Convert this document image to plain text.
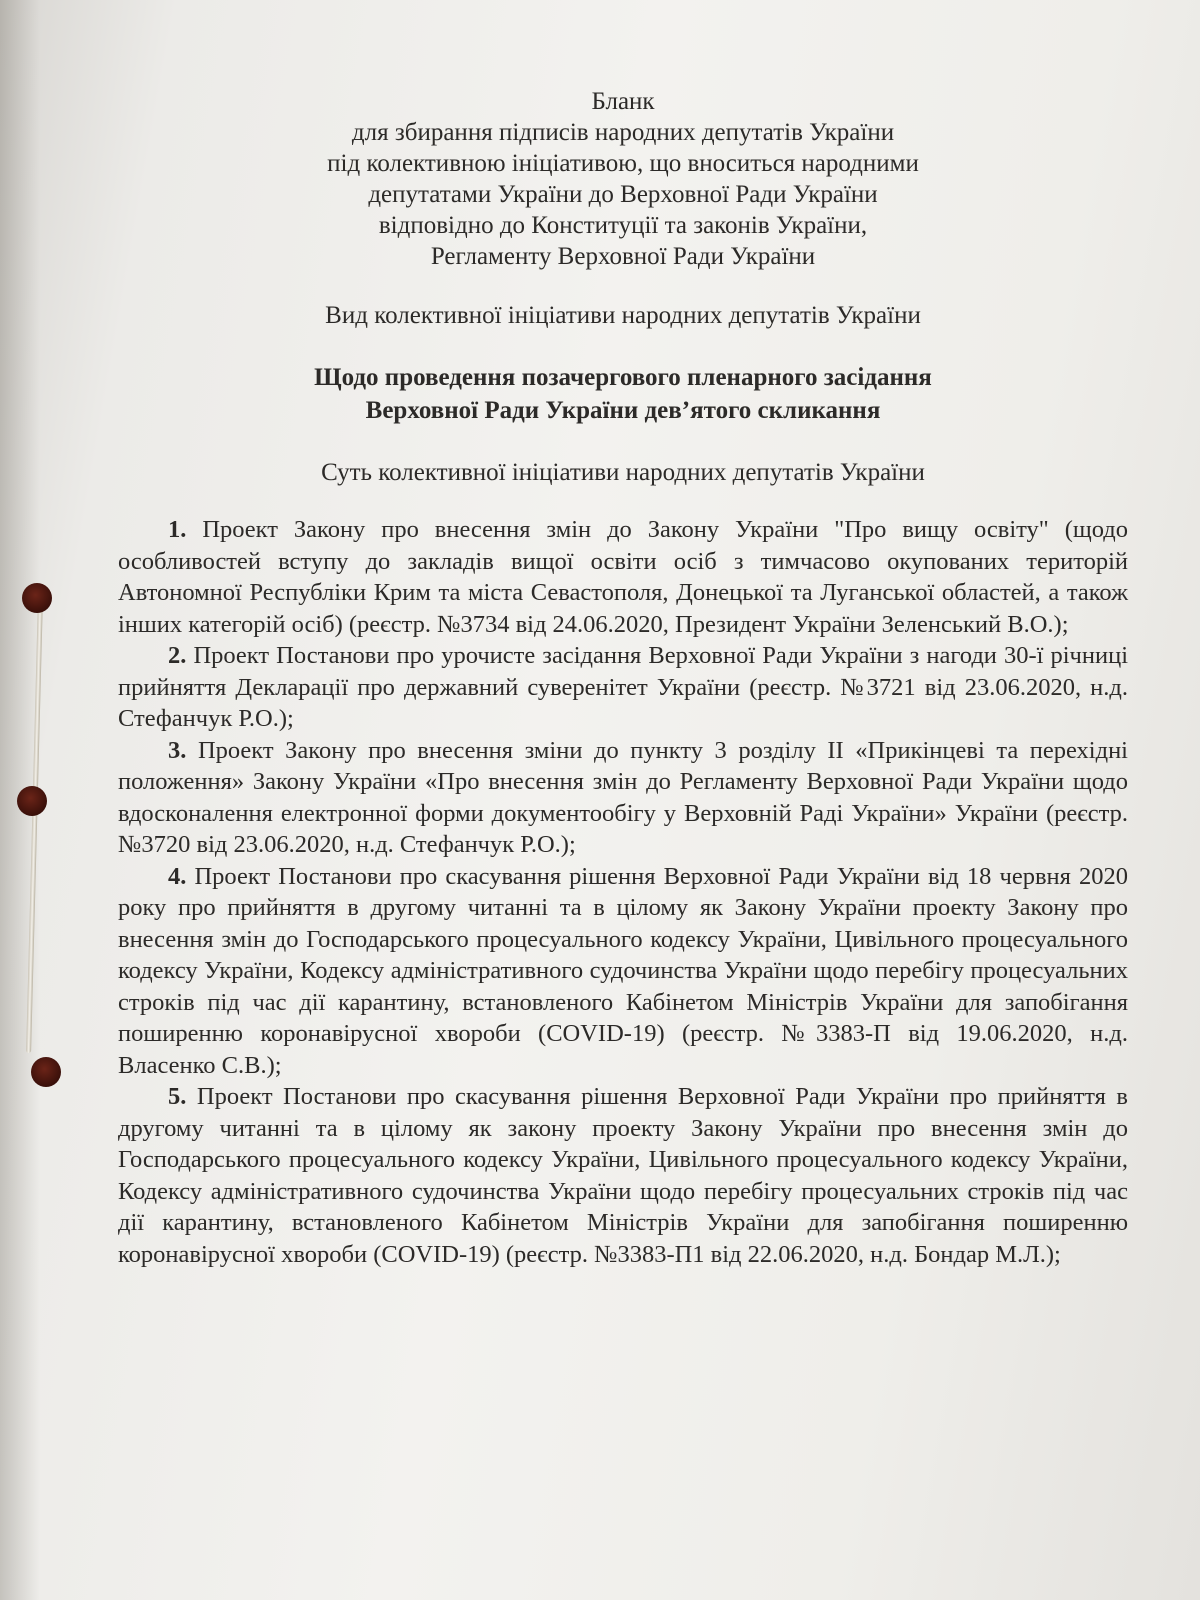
Бланк
для збирання підписів народних депутатів України
під колективною ініціативою, що вноситься народними
депутатами України до Верховної Ради України
відповідно до Конституції та законів України,
Регламенту Верховної Ради України
Вид колективної ініціативи народних депутатів України
Щодо проведення позачергового пленарного засідання
Верховної Ради України дев’ятого скликання
Суть колективної ініціативи народних депутатів України

1. Проект Закону про внесення змін до Закону України "Про вищу освіту" (щодо особливостей вступу до закладів вищої освіти осіб з тимчасово окупованих територій Автономної Республіки Крим та міста Севастополя, Донецької та Луганської областей, а також інших категорій осіб) (реєстр. №3734 від 24.06.2020, Президент України Зеленський В.О.);

2. Проект Постанови про урочисте засідання Верховної Ради України з нагоди 30-ї річниці прийняття Декларації про державний суверенітет України (реєстр. №3721 від 23.06.2020, н.д. Стефанчук Р.О.);

3. Проект Закону про внесення зміни до пункту 3 розділу ІІ «Прикінцеві та перехідні положення» Закону України «Про внесення змін до Регламенту Верховної Ради України щодо вдосконалення електронної форми документообігу у Верховній Раді України» України (реєстр. №3720 від 23.06.2020, н.д. Стефанчук Р.О.);

4. Проект Постанови про скасування рішення Верховної Ради України від 18 червня 2020 року про прийняття в другому читанні та в цілому як Закону України проекту Закону про внесення змін до Господарського процесуального кодексу України, Цивільного процесуального кодексу України, Кодексу адміністративного судочинства України щодо перебігу процесуальних строків під час дії карантину, встановленого Кабінетом Міністрів України для запобігання поширенню коронавірусної хвороби (COVID-19) (реєстр. №3383-П від 19.06.2020, н.д. Власенко С.В.);

5. Проект Постанови про скасування рішення Верховної Ради України про прийняття в другому читанні та в цілому як закону проекту Закону України про внесення змін до Господарського процесуального кодексу України, Цивільного процесуального кодексу України, Кодексу адміністративного судочинства України щодо перебігу процесуальних строків під час дії карантину, встановленого Кабінетом Міністрів України для запобігання поширенню коронавірусної хвороби (COVID-19) (реєстр. №3383-П1 від 22.06.2020, н.д. Бондар М.Л.);
